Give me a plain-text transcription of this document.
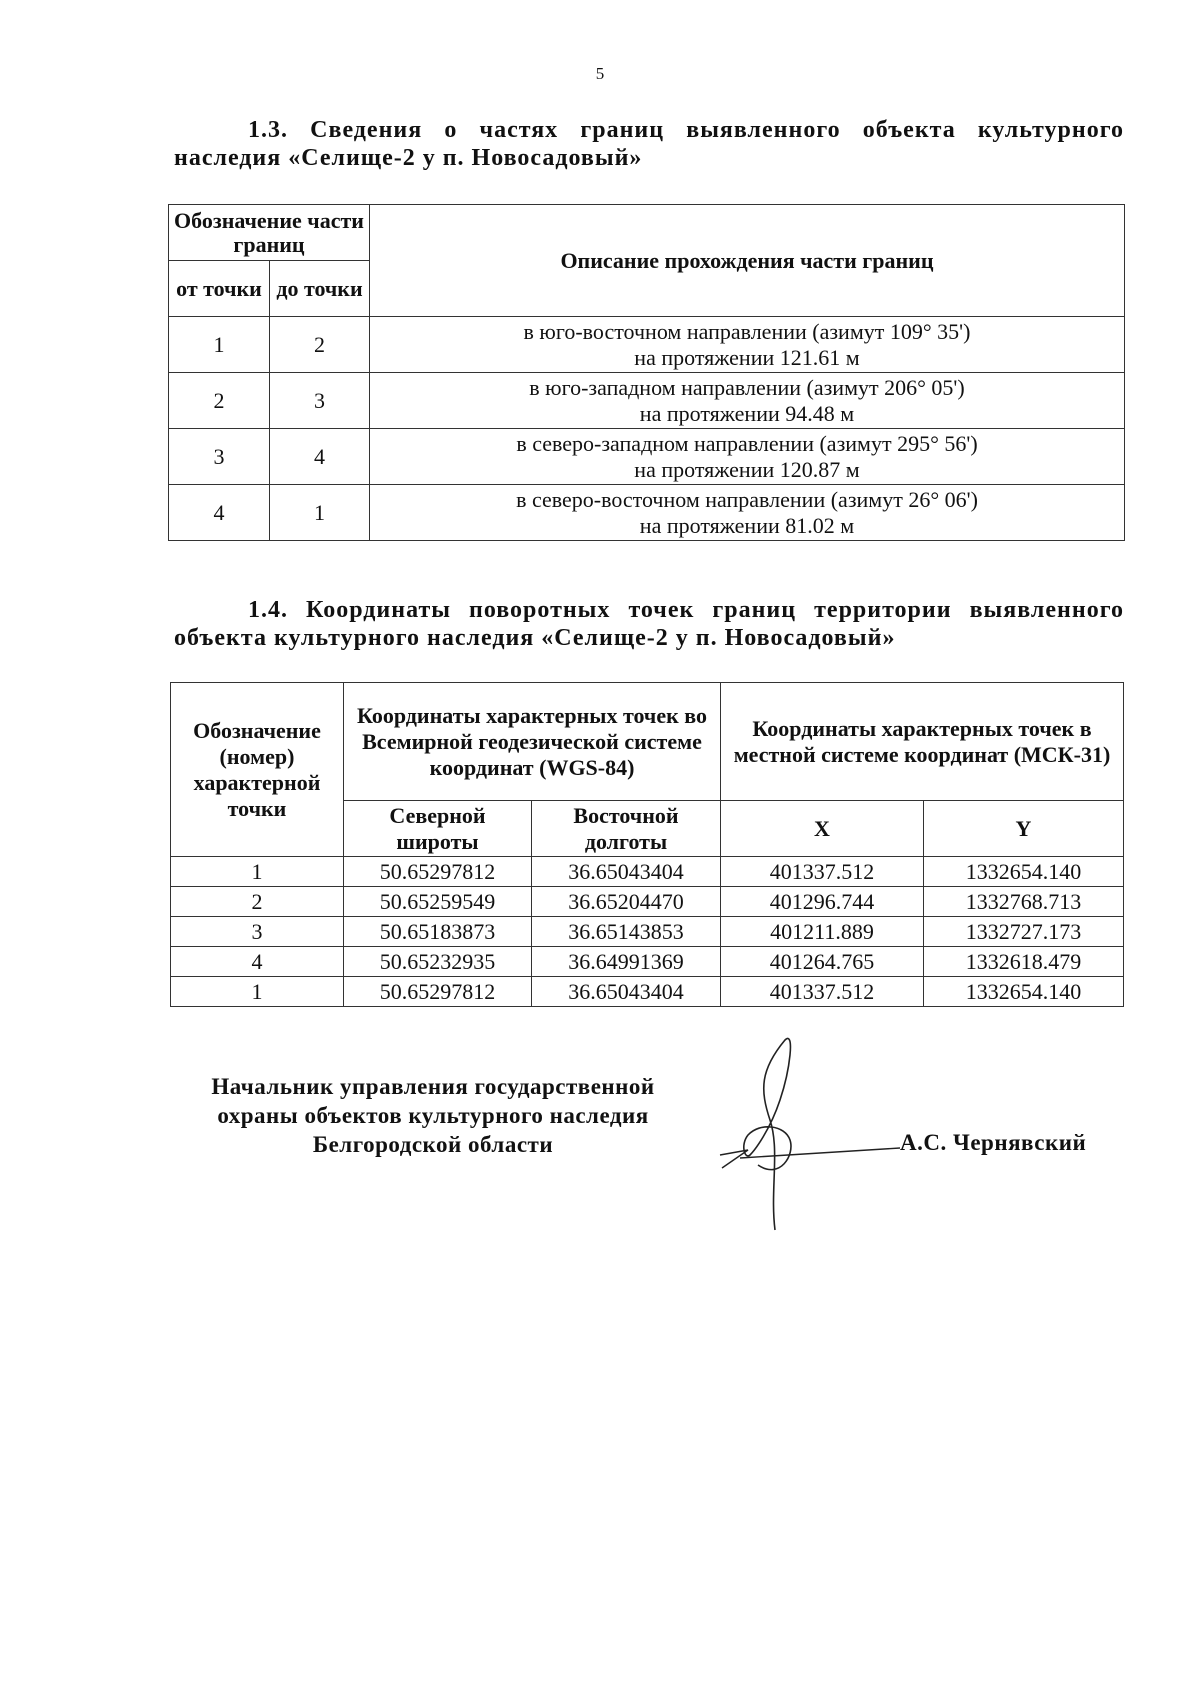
5
1.3. Сведения о частях границ выявленного объекта культурного наследия «Селище-2 у п. Новосадовый»
Обозначение части границ		Описание прохождения части границ
от точки	до точки	
1	2	в юго-восточном направлении (азимут 109° 35')
на протяжении 121.61 м

2	3	в юго-западном направлении (азимут 206° 05')
на протяжении 94.48 м

3	4	в северо-западном направлении (азимут 295° 56')
на протяжении 120.87 м

4	1	в северо-восточном направлении (азимут 26° 06')
на протяжении 81.02 м
1.4. Координаты поворотных точек границ территории выявленного объекта культурного наследия «Селище-2 у п. Новосадовый»
Обозначение (номер) характерной точки	Координаты характерных точек во Всемирной геодезической системе координат (WGS-84)		Координаты характерных точек в местной системе координат (МСК-31)	
	Северной широты	Восточной долготы	X	Y
1	50.65297812	36.65043404	401337.512	1332654.140
2	50.65259549	36.65204470	401296.744	1332768.713
3	50.65183873	36.65143853	401211.889	1332727.173
4	50.65232935	36.64991369	401264.765	1332618.479
1	50.65297812	36.65043404	401337.512	1332654.140
Начальник управления государственной
охраны объектов культурного наследия
Белгородской области	А.С. Чернявский
